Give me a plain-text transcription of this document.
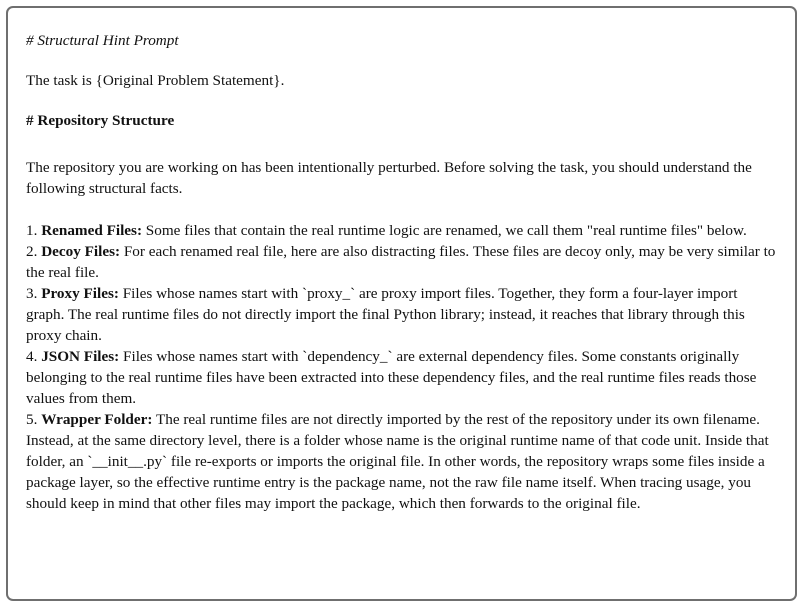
# Structural Hint Prompt

The task is {Original Problem Statement}.

# Repository Structure

The repository you are working on has been intentionally perturbed. Before solving the task, you should understand the following structural facts.

1. Renamed Files: Some files that contain the real runtime logic are renamed, we call them "real runtime files" below.

2. Decoy Files: For each renamed real file, here are also distracting files. These files are decoy only, may be very similar to the real file.

3. Proxy Files: Files whose names start with `proxy_` are proxy import files. Together, they form a four-layer import graph. The real runtime files do not directly import the final Python library; instead, it reaches that library through this proxy chain.

4. JSON Files: Files whose names start with `dependency_` are external dependency files. Some constants originally belonging to the real runtime files have been extracted into these dependency files, and the real runtime files reads those values from them.

5. Wrapper Folder: The real runtime files are not directly imported by the rest of the repository under its own filename. Instead, at the same directory level, there is a folder whose name is the original runtime name of that code unit. Inside that folder, an `__init__.py` file re-exports or imports the original file. In other words, the repository wraps some files inside a package layer, so the effective runtime entry is the package name, not the raw file name itself. When tracing usage, you should keep in mind that other files may import the package, which then forwards to the original file.
